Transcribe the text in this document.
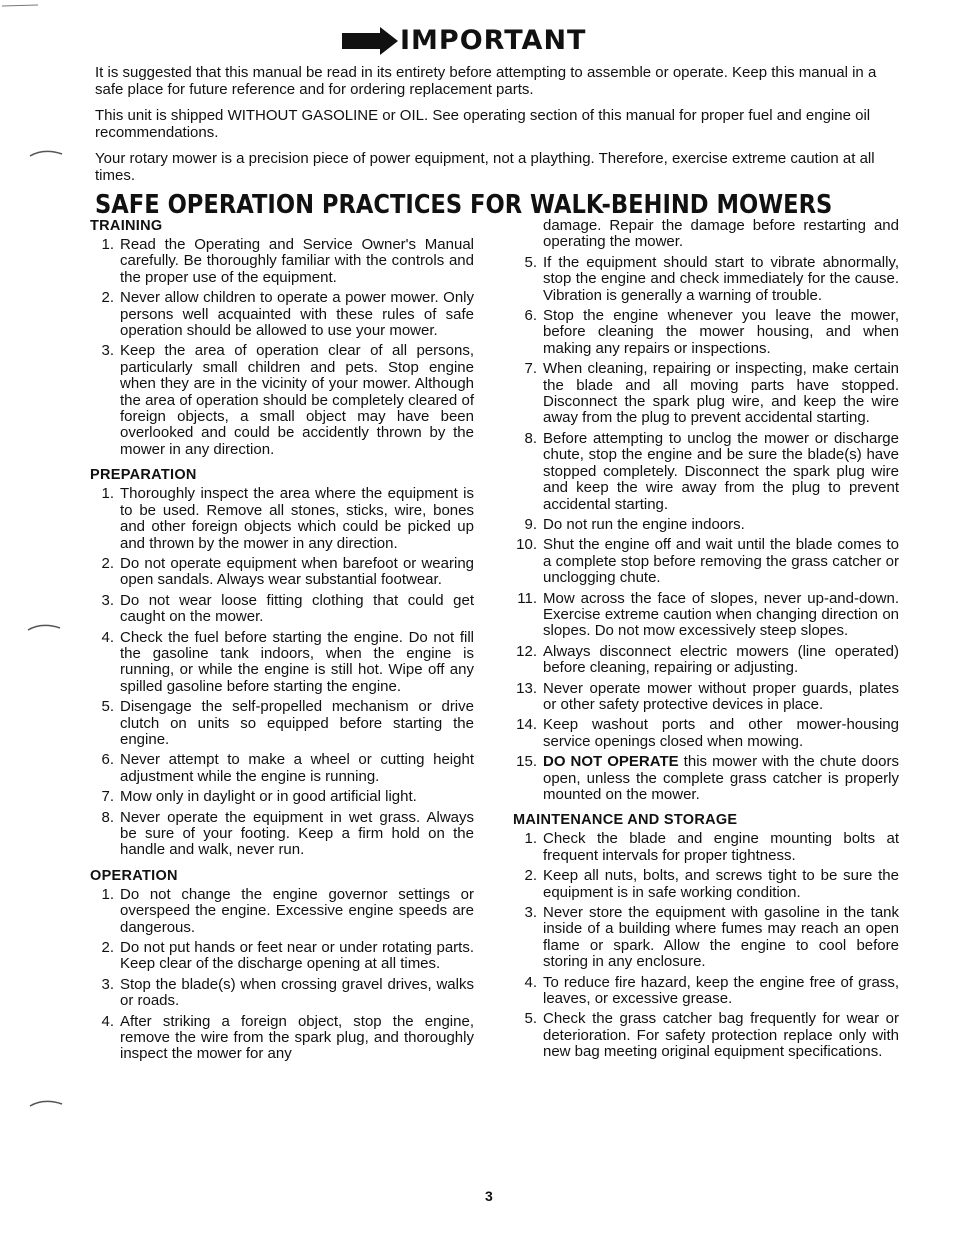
IMPORTANT

It is suggested that this manual be read in its entirety before attempting to assemble or operate. Keep this manual in a safe place for future reference and for ordering replacement parts.

This unit is shipped WITHOUT GASOLINE or OIL. See operating section of this manual for proper fuel and engine oil recommendations.

Your rotary mower is a precision piece of power equipment, not a plaything. Therefore, exercise extreme caution at all times.

SAFE OPERATION PRACTICES FOR WALK-BEHIND MOWERS
TRAINING
1. Read the Operating and Service Owner's Manual carefully. Be thoroughly familiar with the controls and the proper use of the equipment.
2. Never allow children to operate a power mower. Only persons well acquainted with these rules of safe operation should be allowed to use your mower.
3. Keep the area of operation clear of all persons, particularly small children and pets. Stop engine when they are in the vicinity of your mower. Although the area of operation should be completely cleared of foreign objects, a small object may have been overlooked and could be accidently thrown by the mower in any direction.
PREPARATION
1. Thoroughly inspect the area where the equipment is to be used. Remove all stones, sticks, wire, bones and other foreign objects which could be picked up and thrown by the mower in any direction.
2. Do not operate equipment when barefoot or wearing open sandals. Always wear substantial footwear.
3. Do not wear loose fitting clothing that could get caught on the mower.
4. Check the fuel before starting the engine. Do not fill the gasoline tank indoors, when the engine is running, or while the engine is still hot. Wipe off any spilled gasoline before starting the engine.
5. Disengage the self-propelled mechanism or drive clutch on units so equipped before starting the engine.
6. Never attempt to make a wheel or cutting height adjustment while the engine is running.
7. Mow only in daylight or in good artificial light.
8. Never operate the equipment in wet grass. Always be sure of your footing. Keep a firm hold on the handle and walk, never run.
OPERATION
1. Do not change the engine governor settings or overspeed the engine. Excessive engine speeds are dangerous.
2. Do not put hands or feet near or under rotating parts. Keep clear of the discharge opening at all times.
3. Stop the blade(s) when crossing gravel drives, walks or roads.
4. After striking a foreign object, stop the engine, remove the wire from the spark plug, and thoroughly inspect the mower for any
damage. Repair the damage before restarting and operating the mower.
5. If the equipment should start to vibrate abnormally, stop the engine and check immediately for the cause. Vibration is generally a warning of trouble.
6. Stop the engine whenever you leave the mower, before cleaning the mower housing, and when making any repairs or inspections.
7. When cleaning, repairing or inspecting, make certain the blade and all moving parts have stopped. Disconnect the spark plug wire, and keep the wire away from the plug to prevent accidental starting.
8. Before attempting to unclog the mower or discharge chute, stop the engine and be sure the blade(s) have stopped completely. Disconnect the spark plug wire and keep the wire away from the plug to prevent accidental starting.
9. Do not run the engine indoors.
10. Shut the engine off and wait until the blade comes to a complete stop before removing the grass catcher or unclogging chute.
11. Mow across the face of slopes, never up-and-down. Exercise extreme caution when changing direction on slopes. Do not mow excessively steep slopes.
12. Always disconnect electric mowers (line operated) before cleaning, repairing or adjusting.
13. Never operate mower without proper guards, plates or other safety protective devices in place.
14. Keep washout ports and other mower-housing service openings closed when mowing.
15. DO NOT OPERATE this mower with the chute doors open, unless the complete grass catcher is properly mounted on the mower.
MAINTENANCE AND STORAGE
1. Check the blade and engine mounting bolts at frequent intervals for proper tightness.
2. Keep all nuts, bolts, and screws tight to be sure the equipment is in safe working condition.
3. Never store the equipment with gasoline in the tank inside of a building where fumes may reach an open flame or spark. Allow the engine to cool before storing in any enclosure.
4. To reduce fire hazard, keep the engine free of grass, leaves, or excessive grease.
5. Check the grass catcher bag frequently for wear or deterioration. For safety protection replace only with new bag meeting original equipment specifications.
3
